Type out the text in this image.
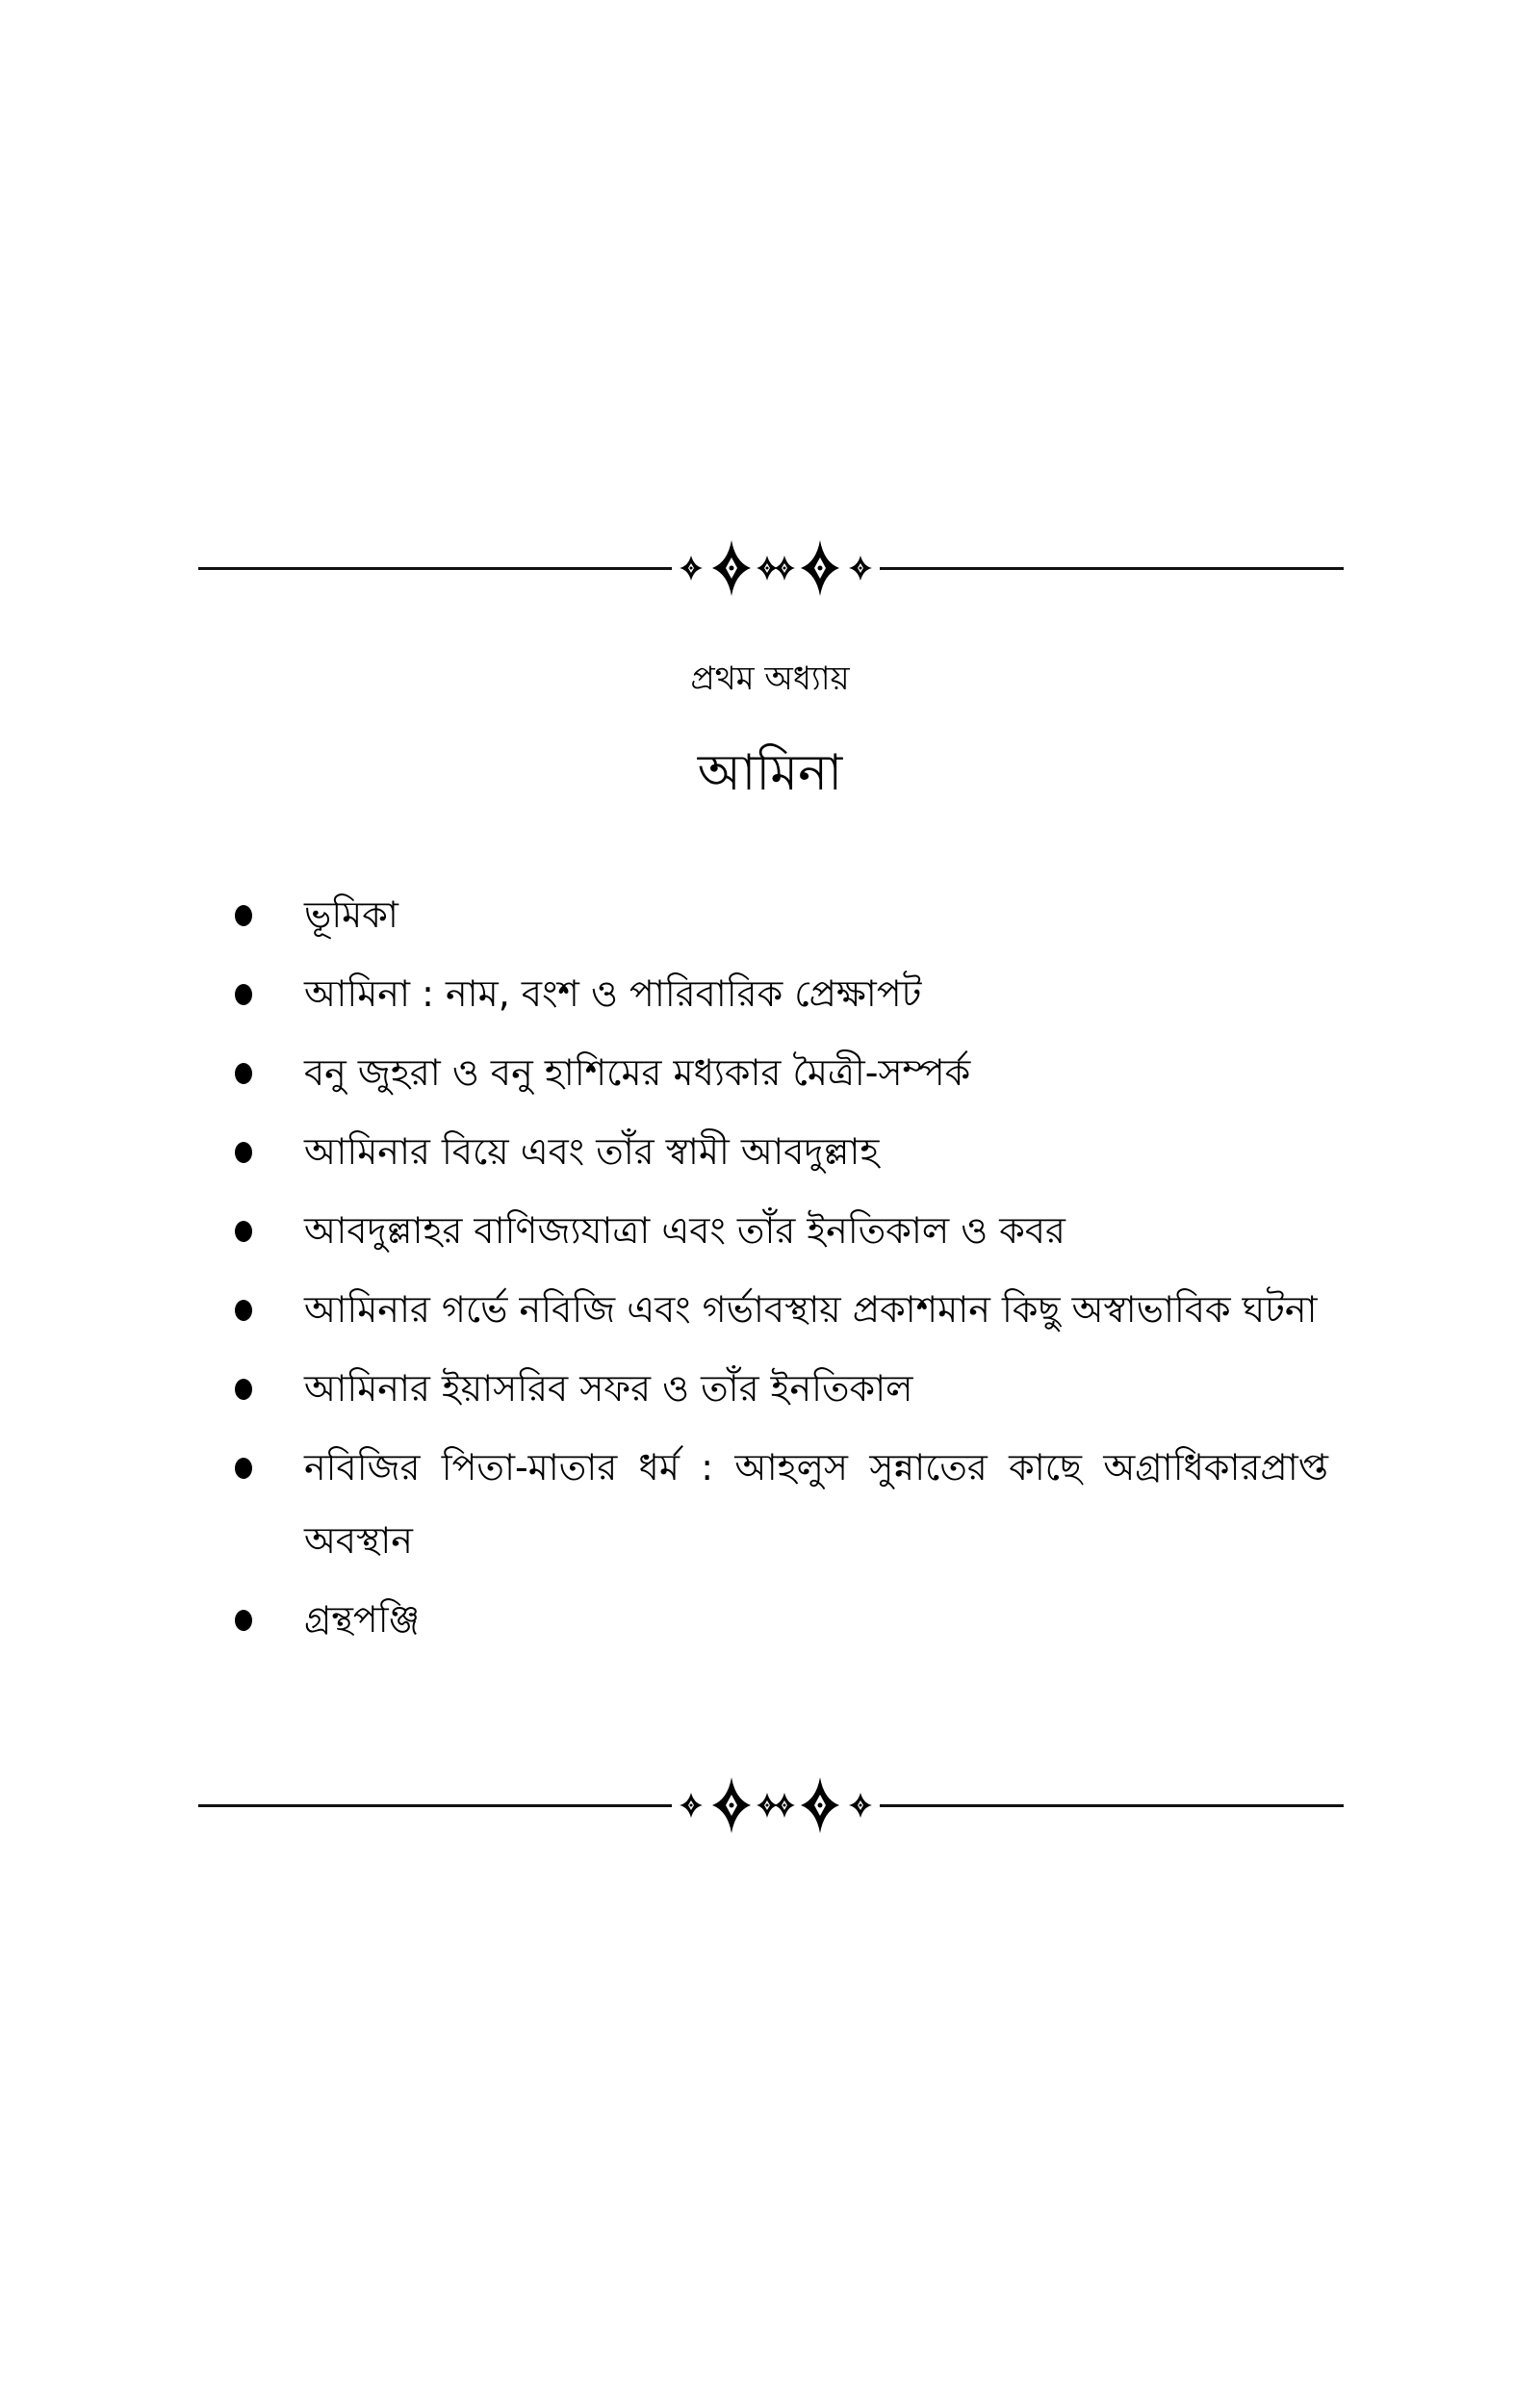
প্রথম অধ্যায়
আমিনা
ভূমিকা
আমিনা : নাম, বংশ ও পারিবারিক প্রেক্ষাপট
বনু জুহরা ও বনু হাশিমের মধ্যকার মৈত্রী-সম্পর্ক
আমিনার বিয়ে এবং তাঁর স্বামী আবদুল্লাহ
আবদুল্লাহর বাণিজ্যযাত্রা এবং তাঁর ইনতিকাল ও কবর
আমিনার গর্ভে নবিজি এবং গর্ভাবস্থায় প্রকাশমান কিছু অস্বাভাবিক ঘটনা
আমিনার ইয়াসরিব সফর ও তাঁর ইনতিকাল
নবিজির পিতা-মাতার ধর্ম : আহলুস সুন্নাতের কাছে অগ্রাধিকারপ্রাপ্ত অবস্থান
গ্রন্থপঞ্জি
